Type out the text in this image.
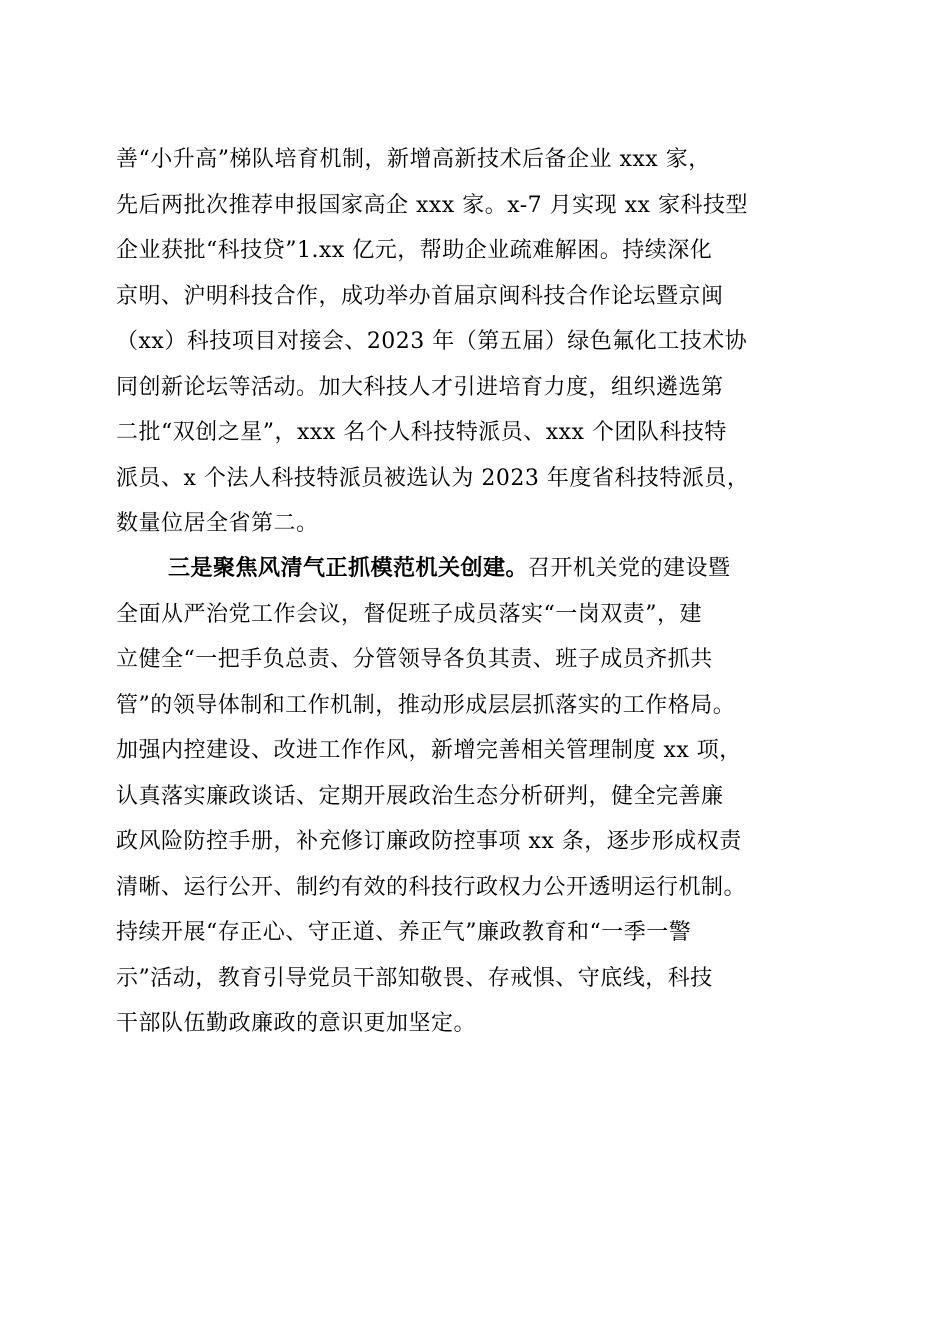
善“小升高”梯队培育机制，新增高新技术后备企业 xxx 家，
先后两批次推荐申报国家高企 xxx 家。x-7 月实现 xx 家科技型
企业获批“科技贷”1.xx 亿元，帮助企业疏难解困。持续深化
京明、沪明科技合作，成功举办首届京闽科技合作论坛暨京闽
（xx）科技项目对接会、2023 年（第五届）绿色氟化工技术协
同创新论坛等活动。加大科技人才引进培育力度，组织遴选第
二批“双创之星”，xxx 名个人科技特派员、xxx 个团队科技特
派员、x 个法人科技特派员被选认为 2023 年度省科技特派员，
数量位居全省第二。
三是聚焦风清气正抓模范机关创建。召开机关党的建设暨
全面从严治党工作会议，督促班子成员落实“一岗双责”，建
立健全“一把手负总责、分管领导各负其责、班子成员齐抓共
管”的领导体制和工作机制，推动形成层层抓落实的工作格局。
加强内控建设、改进工作作风，新增完善相关管理制度 xx 项，
认真落实廉政谈话、定期开展政治生态分析研判，健全完善廉
政风险防控手册，补充修订廉政防控事项 xx 条，逐步形成权责
清晰、运行公开、制约有效的科技行政权力公开透明运行机制。
持续开展“存正心、守正道、养正气”廉政教育和“一季一警
示”活动，教育引导党员干部知敬畏、存戒惧、守底线，科技
干部队伍勤政廉政的意识更加坚定。
